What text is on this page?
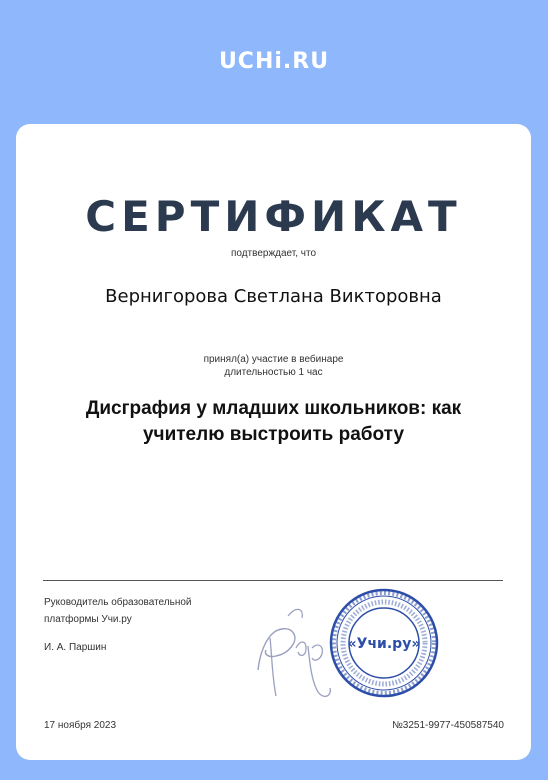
UCHi.RU
СЕРТИФИКАТ
подтверждает, что
Вернигорова Светлана Викторовна
принял(а) участие в вебинаре
длительностью 1 час
Дисграфия у младших школьников: как
учителю выстроить работу
Руководитель образовательной
платформы Учи.ру
И. А. Паршин	«Учи.ру»
17 ноября 2023	№3251-9977-450587540
